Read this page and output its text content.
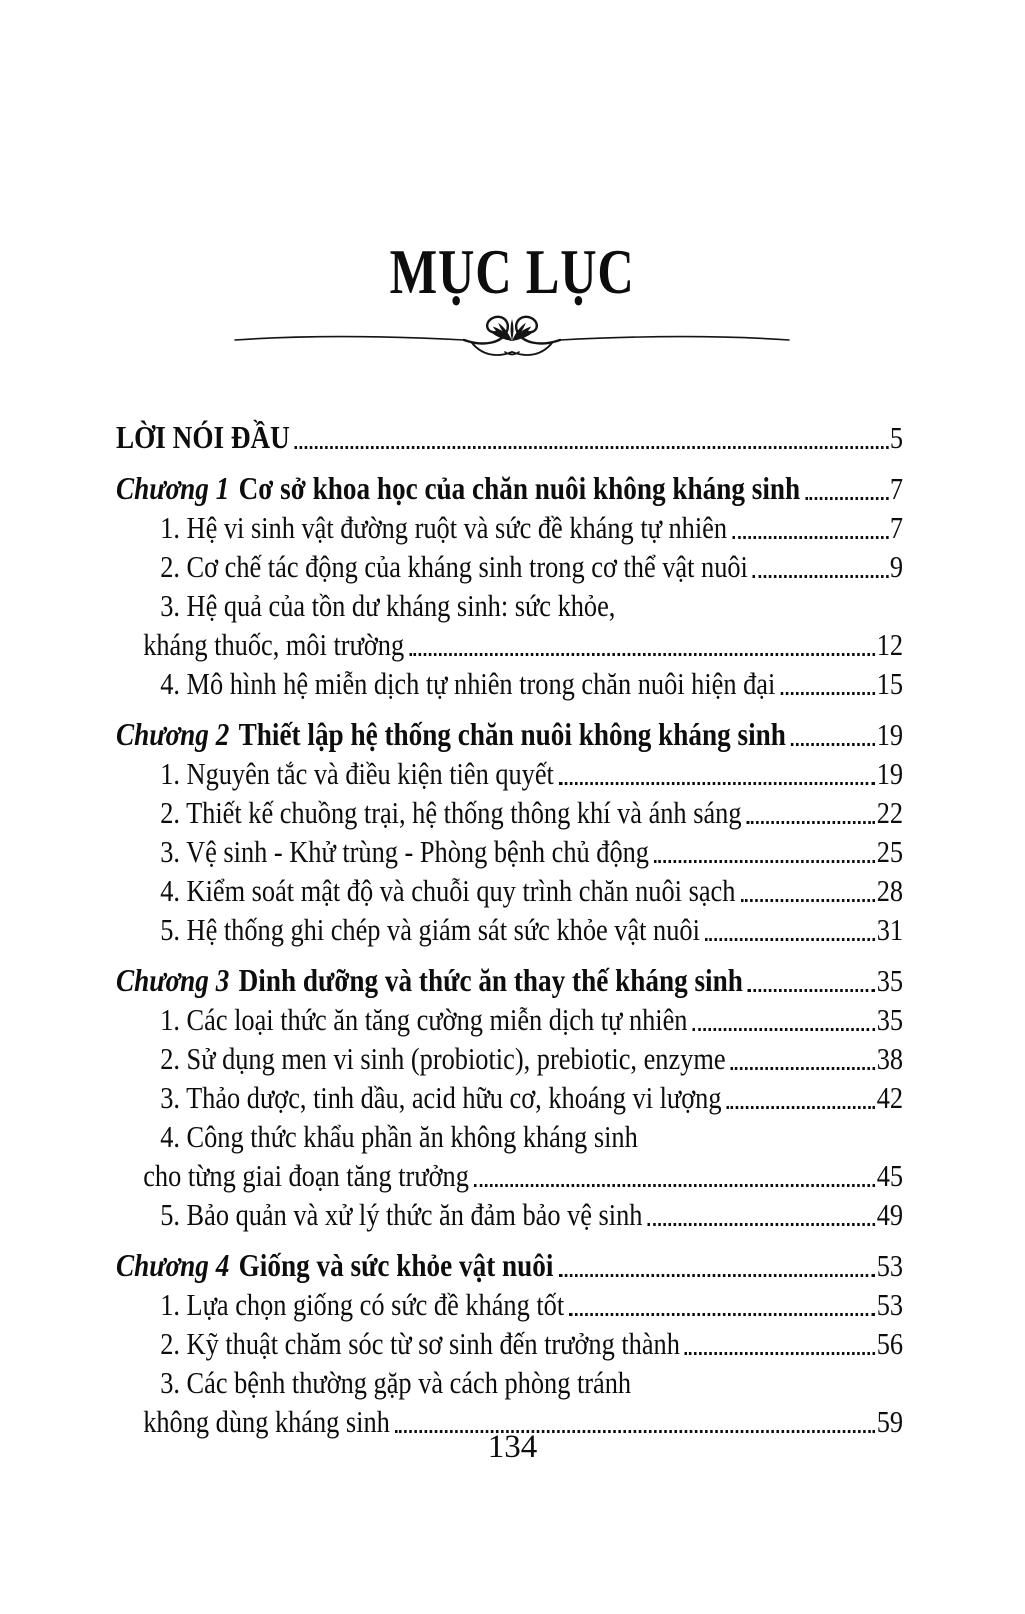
MỤC LỤC
LỜI NÓI ĐẦU	5
Chương 1 Cơ sở khoa học của chăn nuôi không kháng sinh	7
1. Hệ vi sinh vật đường ruột và sức đề kháng tự nhiên	7
2. Cơ chế tác động của kháng sinh trong cơ thể vật nuôi	9
3. Hệ quả của tồn dư kháng sinh: sức khỏe,
kháng thuốc, môi trường	12
4. Mô hình hệ miễn dịch tự nhiên trong chăn nuôi hiện đại	15
Chương 2 Thiết lập hệ thống chăn nuôi không kháng sinh	19
1. Nguyên tắc và điều kiện tiên quyết	19
2. Thiết kế chuồng trại, hệ thống thông khí và ánh sáng	22
3. Vệ sinh - Khử trùng - Phòng bệnh chủ động	25
4. Kiểm soát mật độ và chuỗi quy trình chăn nuôi sạch	28
5. Hệ thống ghi chép và giám sát sức khỏe vật nuôi	31
Chương 3 Dinh dưỡng và thức ăn thay thế kháng sinh	35
1. Các loại thức ăn tăng cường miễn dịch tự nhiên	35
2. Sử dụng men vi sinh (probiotic), prebiotic, enzyme	38
3. Thảo dược, tinh dầu, acid hữu cơ, khoáng vi lượng	42
4. Công thức khẩu phần ăn không kháng sinh
cho từng giai đoạn tăng trưởng	45
5. Bảo quản và xử lý thức ăn đảm bảo vệ sinh	49
Chương 4 Giống và sức khỏe vật nuôi	53
1. Lựa chọn giống có sức đề kháng tốt	53
2. Kỹ thuật chăm sóc từ sơ sinh đến trưởng thành	56
3. Các bệnh thường gặp và cách phòng tránh
không dùng kháng sinh	59
134
